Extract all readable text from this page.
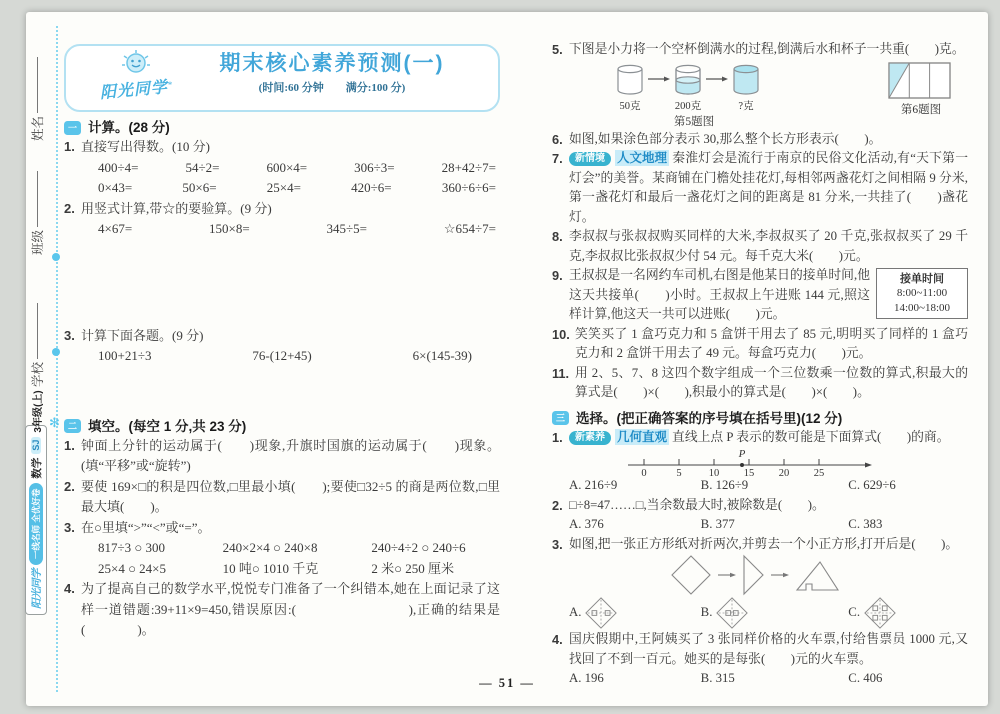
✻
姓名
班级
学校
阳光同学
一线名师 全优好卷
数学
SJ
3年级(上)
阳光同学*
期末核心素养预测(一)
(时间:60 分钟　　满分:100 分)
一 计算。(28 分)
1. 直接写出得数。(10 分)
400÷4=	54÷2=	600×4=	306÷3=	28+42÷7=
0×43=	50×6=	25×4=	420÷6=	360÷6÷6=
2. 用竖式计算,带☆的要验算。(9 分)
4×67=	150×8=	345÷5=	☆654÷7=
3. 计算下面各题。(9 分)
100+21÷3	76-(12+45)	6×(145-39)
二 填空。(每空 1 分,共 23 分)
1. 钟面上分针的运动属于(　　)现象,升旗时国旗的运动属于(　　)现象。(填“平移”或“旋转”)
2. 要使 169×□的积是四位数,□里最小填(　　);要使□32÷5 的商是两位数,□里最大填(　　)。
3. 在○里填“>”“<”或“=”。
817÷3 ○ 300	240×2×4 ○ 240×8	240÷4÷2 ○ 240÷6
25×4 ○ 24×5	10 吨○ 1010 千克	2 米○ 250 厘米
4. 为了提高自己的数学水平,悦悦专门准备了一个纠错本,她在上面记录了这样一道错题:39+11×9=450,错误原因:(　　　　　　　　),正确的结果是(　　　　)。
5. 下图是小力将一个空杯倒满水的过程,倒满后水和杯子一共重(　　)克。
50克	200克	?克
第5题图
第6题图
6. 如图,如果涂色部分表示 30,那么整个长方形表示(　　)。
7. 新情境 人文地理 秦淮灯会是流行于南京的民俗文化活动,有“天下第一灯会”的美誉。某商铺在门檐处挂花灯,每相邻两盏花灯之间相隔 9 分米,第一盏花灯和最后一盏花灯之间的距离是 81 分米,一共挂了(　　)盏花灯。
8. 李叔叔与张叔叔购买同样的大米,李叔叔买了 20 千克,张叔叔买了 29 千克,李叔叔比张叔叔少付 54 元。每千克大米(　　)元。
9.	接单时间
8:00~11:00
14:00~18:00
王叔叔是一名网约车司机,右图是他某日的接单时间,他这天共接单(　　)小时。王叔叔上午进账 144 元,照这样计算,他这天一共可以进账(　　)元。
10. 笑笑买了 1 盒巧克力和 5 盒饼干用去了 85 元,明明买了同样的 1 盒巧克力和 2 盒饼干用去了 49 元。每盒巧克力(　　)元。
11. 用 2、5、7、8 这四个数字组成一个三位数乘一位数的算式,积最大的算式是(　　)×(　　),积最小的算式是(　　)×(　　)。
三 选择。(把正确答案的序号填在括号里)(12 分)
1. 新素养 几何直观 直线上点 P 表示的数可能是下面算式(　　)的商。
P
0	5	10 15 20 25
A. 216÷9	B. 126÷9	C. 629÷6
2. □÷8=47……□,当余数最大时,被除数是(　　)。
A. 376	B. 377	C. 383
3. 如图,把一张正方形纸对折两次,并剪去一个小正方形,打开后是(　　)。
A.	B.	C.
4. 国庆假期中,王阿姨买了 3 张同样价格的火车票,付给售票员 1000 元,又找回了不到一百元。她买的是每张(　　)元的火车票。
A. 196	B. 315	C. 406
— 51 —
